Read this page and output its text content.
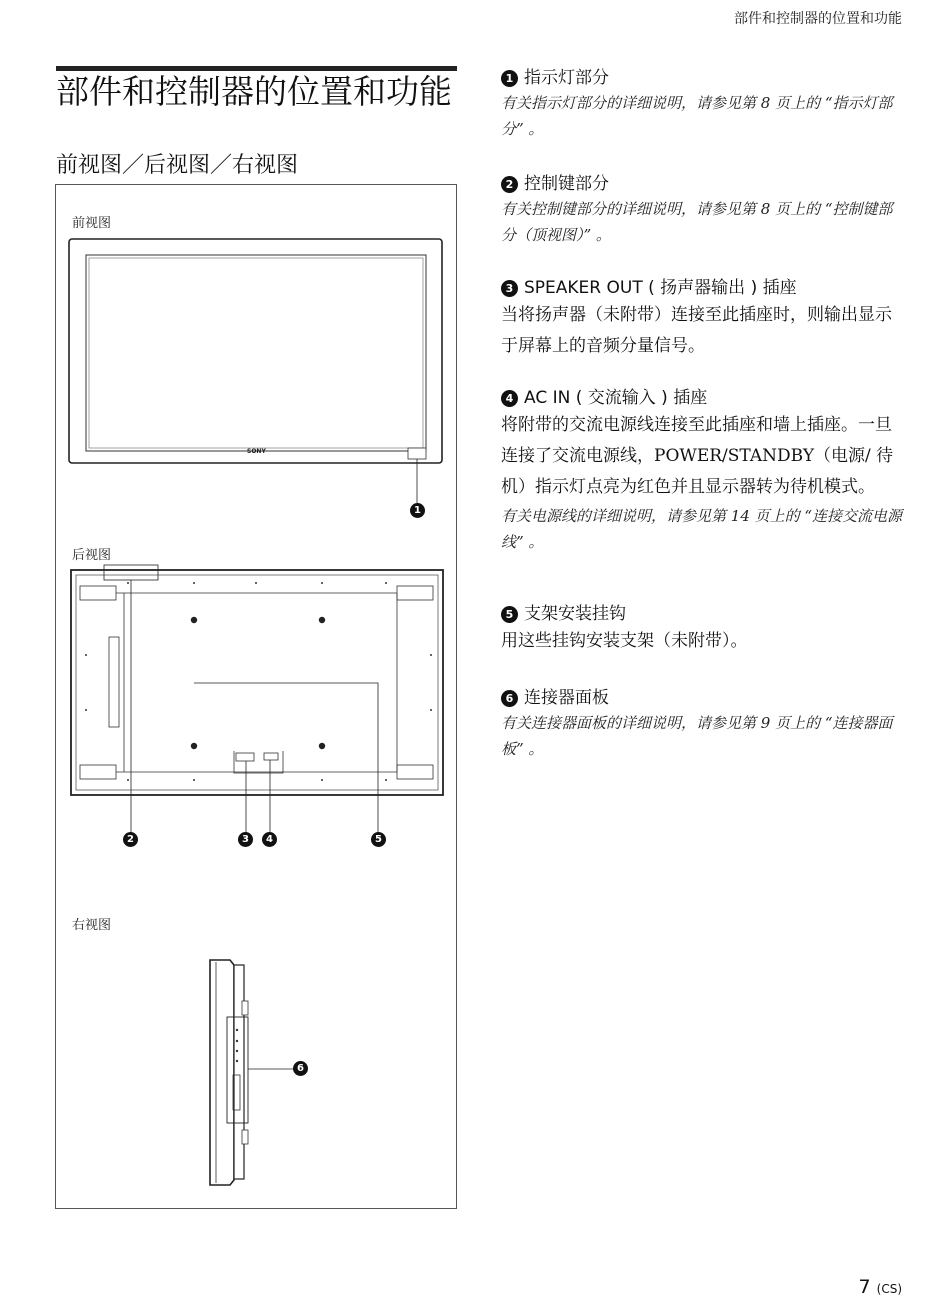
部件和控制器的位置和功能
部件和控制器的位置和功能
前视图／后视图／右视图
前视图
后视图
右视图
SONY
1
2	3	4	5
6
1 指示灯部分
有关指示灯部分的详细说明，请参见第 8 页上的 “指示灯部分” 。
2 控制键部分
有关控制键部分的详细说明，请参见第 8 页上的 “控制键部分（顶视图）” 。
3 SPEAKER OUT ( 扬声器输出 ) 插座
当将扬声器（未附带）连接至此插座时，则输出显示于屏幕上的音频分量信号。
4 AC IN ( 交流输入 ) 插座
将附带的交流电源线连接至此插座和墙上插座。一旦连接了交流电源线，POWER/STANDBY（电源/ 待机）指示灯点亮为红色并且显示器转为待机模式。
有关电源线的详细说明，请参见第 14 页上的 “连接交流电源线” 。
5 支架安装挂钩
用这些挂钩安装支架（未附带）。
6 连接器面板
有关连接器面板的详细说明，请参见第 9 页上的 “连接器面板” 。
7 (CS)
